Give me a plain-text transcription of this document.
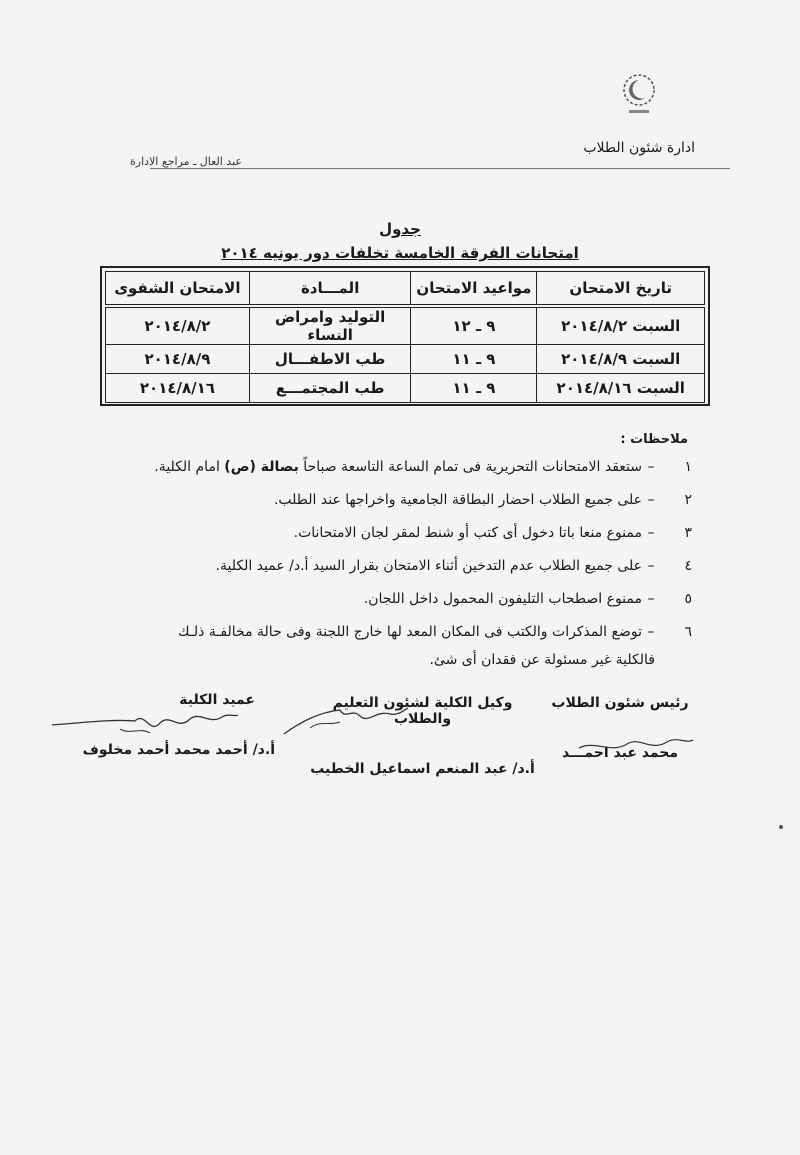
ادارة شئون الطلاب
عبد العال ـ مراجع الادارة
جدول
امتحانات الفرقة الخامسة تخلفات دور يونيه ٢٠١٤
تاريخ الامتحان	مواعيد الامتحان	المـــادة	الامتحان الشفوى
السبت ٢٠١٤/٨/٢	٩ ـ ١٢	التوليد وامراض النساء	٢٠١٤/٨/٢
السبت ٢٠١٤/٨/٩	٩ ـ ١١	طب الاطفـــال	٢٠١٤/٨/٩
السبت ٢٠١٤/٨/١٦	٩ ـ ١١	طب المجتمـــع	٢٠١٤/٨/١٦
ملاحظات :

١
–
ستعقد الامتحانات التحريرية فى تمام الساعة التاسعة صباحاً بصالة (ص) امام الكلية.

٢
–
على جميع الطلاب احضار البطاقة الجامعية واخراجها عند الطلب.

٣
–
ممنوع منعا باتا دخول أى كتب أو شنط لمقر لجان الامتحانات.

٤
–
على جميع الطلاب عدم التدخين أثناء الامتحان بقرار السيد أ.د/ عميد الكلية.

٥
–
ممنوع اصطحاب التليفون المحمول داخل اللجان.

٦
–
توضع المذكرات والكتب فى المكان المعد لها خارج اللجنة وفى حالة مخالفـة ذلـك

فالكلية غير مسئولة عن فقدان أى شئ.
رئيس شئون الطلاب
محمد عبد احمـــد
وكيل الكلية لشئون التعليم والطلاب
أ.د/ عبد المنعم اسماعيل الخطيب
عميد الكلية
أ.د/ أحمد محمد أحمد مخلوف
